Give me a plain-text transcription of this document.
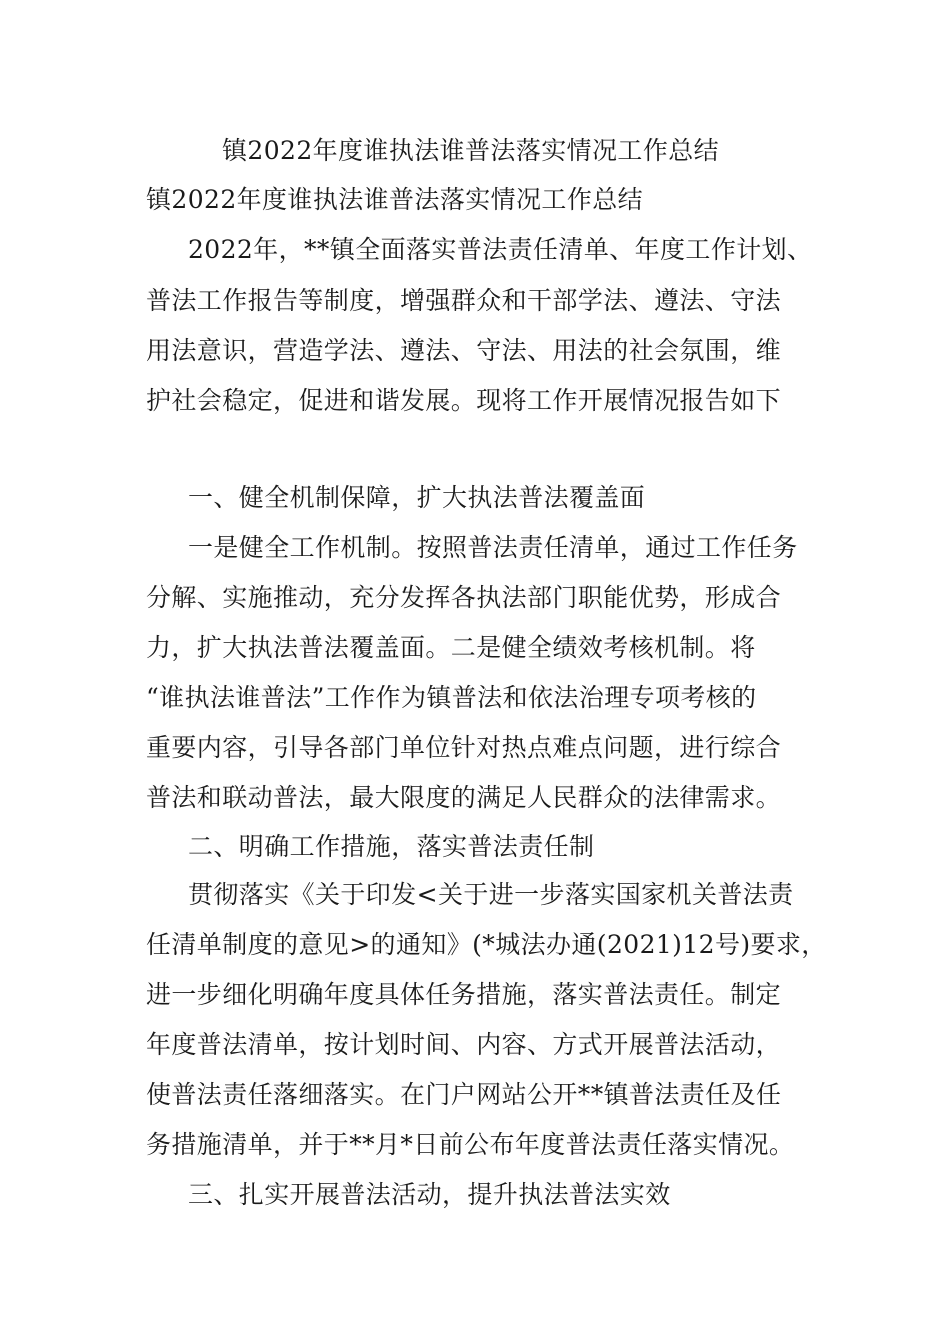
镇2022年度谁执法谁普法落实情况工作总结
镇2022年度谁执法谁普法落实情况工作总结
2022年，**镇全面落实普法责任清单、年度工作计划、
普法工作报告等制度，增强群众和干部学法、遵法、守法
用法意识，营造学法、遵法、守法、用法的社会氛围，维
护社会稳定，促进和谐发展。现将工作开展情况报告如下
一、健全机制保障，扩大执法普法覆盖面
一是健全工作机制。按照普法责任清单，通过工作任务
分解、实施推动，充分发挥各执法部门职能优势，形成合
力，扩大执法普法覆盖面。二是健全绩效考核机制。将
“谁执法谁普法”工作作为镇普法和依法治理专项考核的
重要内容，引导各部门单位针对热点难点问题，进行综合
普法和联动普法，最大限度的满足人民群众的法律需求。
二、明确工作措施，落实普法责任制
贯彻落实《关于印发<关于进一步落实国家机关普法责
任清单制度的意见>的通知》(*城法办通(2021)12号)要求，
进一步细化明确年度具体任务措施，落实普法责任。制定
年度普法清单，按计划时间、内容、方式开展普法活动，
使普法责任落细落实。在门户网站公开**镇普法责任及任
务措施清单，并于**月*日前公布年度普法责任落实情况。
三、扎实开展普法活动，提升执法普法实效
